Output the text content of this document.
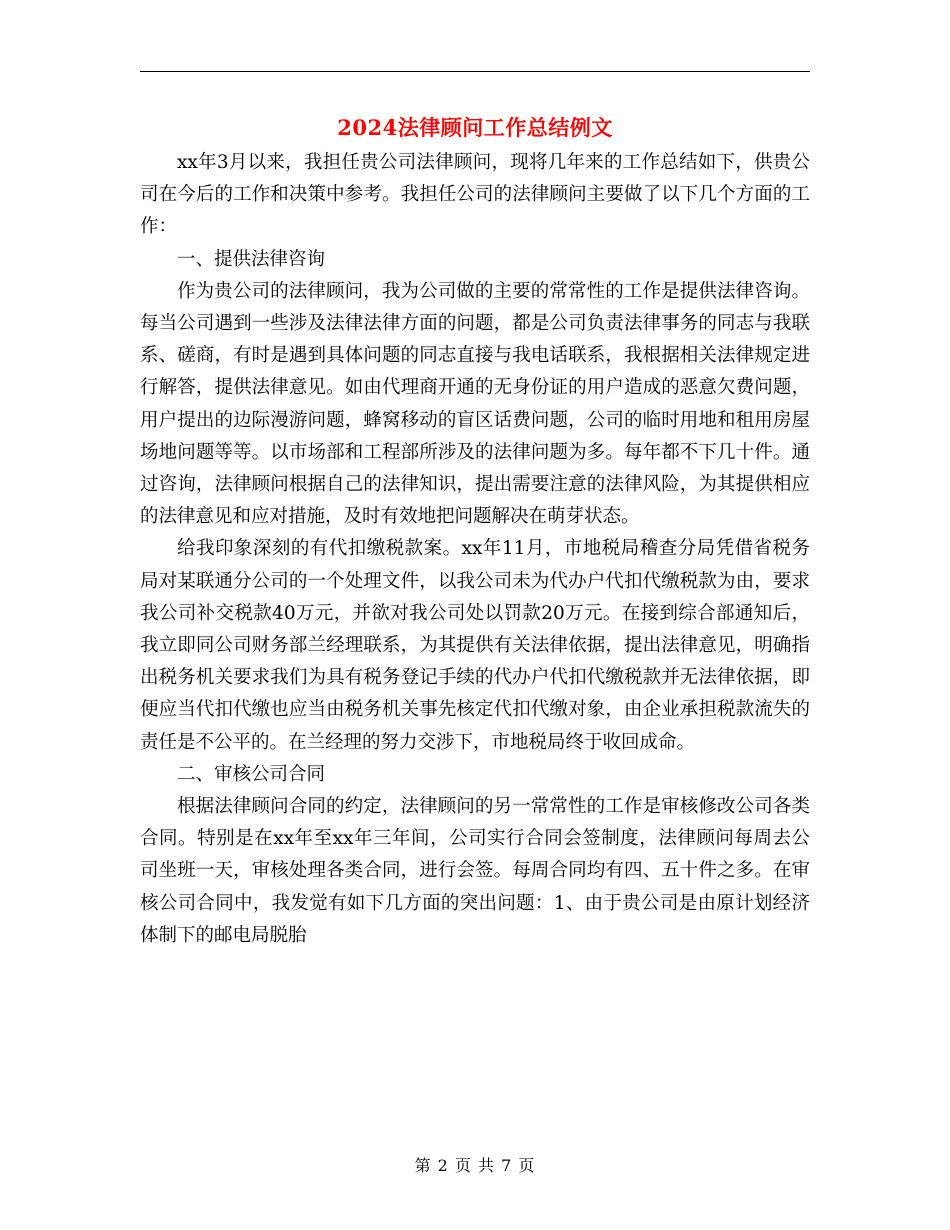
2024法律顾问工作总结例文

xx年3月以来，我担任贵公司法律顾问，现将几年来的工作总结如下，供贵公司在今后的工作和决策中参考。我担任公司的法律顾问主要做了以下几个方面的工作：

一、提供法律咨询

作为贵公司的法律顾问，我为公司做的主要的常常性的工作是提供法律咨询。每当公司遇到一些涉及法律法律方面的问题，都是公司负责法律事务的同志与我联系、磋商，有时是遇到具体问题的同志直接与我电话联系，我根据相关法律规定进行解答，提供法律意见。如由代理商开通的无身份证的用户造成的恶意欠费问题，用户提出的边际漫游问题，蜂窝移动的盲区话费问题，公司的临时用地和租用房屋场地问题等等。以市场部和工程部所涉及的法律问题为多。每年都不下几十件。通过咨询，法律顾问根据自己的法律知识，提出需要注意的法律风险，为其提供相应的法律意见和应对措施，及时有效地把问题解决在萌芽状态。

给我印象深刻的有代扣缴税款案。xx年11月，市地税局稽查分局凭借省税务局对某联通分公司的一个处理文件，以我公司未为代办户代扣代缴税款为由，要求我公司补交税款40万元，并欲对我公司处以罚款20万元。在接到综合部通知后，我立即同公司财务部兰经理联系，为其提供有关法律依据，提出法律意见，明确指出税务机关要求我们为具有税务登记手续的代办户代扣代缴税款并无法律依据，即便应当代扣代缴也应当由税务机关事先核定代扣代缴对象，由企业承担税款流失的责任是不公平的。在兰经理的努力交涉下，市地税局终于收回成命。

二、审核公司合同

根据法律顾问合同的约定，法律顾问的另一常常性的工作是审核修改公司各类合同。特别是在xx年至xx年三年间，公司实行合同会签制度，法律顾问每周去公司坐班一天，审核处理各类合同，进行会签。每周合同均有四、五十件之多。在审核公司合同中，我发觉有如下几方面的突出问题：1、由于贵公司是由原计划经济体制下的邮电局脱胎

第 2 页 共 7 页
